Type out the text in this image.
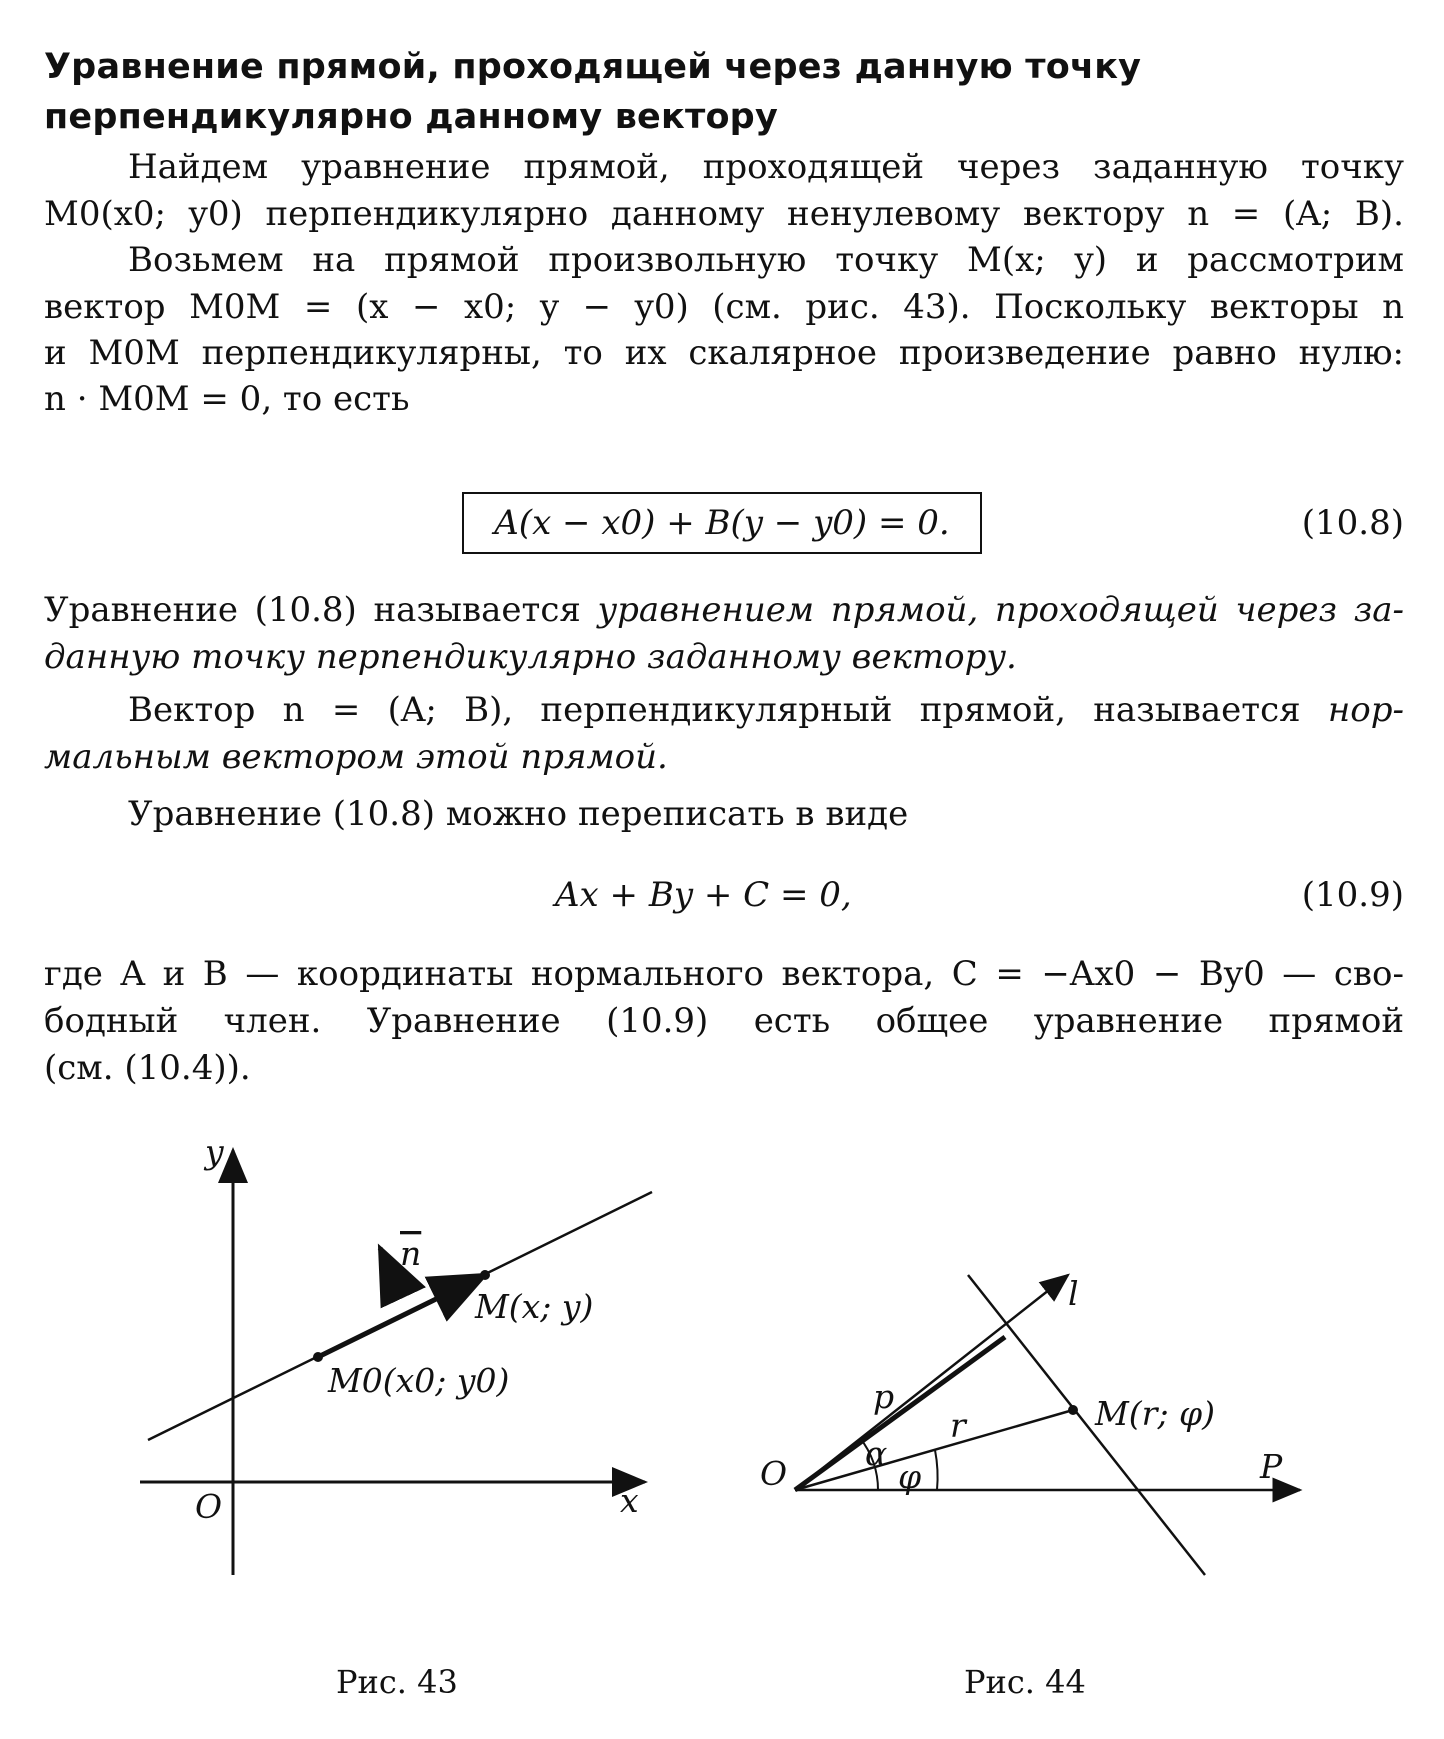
Уравнение прямой, проходящей через данную точку
перпендикулярно данному вектору
Найдем уравнение прямой, проходящей через заданную точку
M0(x0; y0) перпендикулярно данному ненулевому вектору n = (A; B).
Возьмем на прямой произвольную точку M(x; y) и рассмотрим
вектор M0M = (x − x0; y − y0) (см. рис. 43). Поскольку векторы n
и M0M перпендикулярны, то их скалярное произведение равно нулю:
n · M0M = 0, то есть
A(x − x0) + B(y − y0) = 0.	(10.8)
Уравнение (10.8) называется уравнением прямой, проходящей через за-
данную точку перпендикулярно заданному вектору.
Вектор n = (A; B), перпендикулярный прямой, называется нор-
мальным вектором этой прямой.
Уравнение (10.8) можно переписать в виде
Ax + By + C = 0,	(10.9)
где A и B — координаты нормального вектора, C = −Ax0 − By0 — сво-
бодный член. Уравнение (10.9) есть общее уравнение прямой
(см. (10.4)).
y
x
O
n
M(x; y)
M0(x0; y0)
l
p
r
O	P
α
φ
M(r; φ)
Рис. 43	Рис. 44
